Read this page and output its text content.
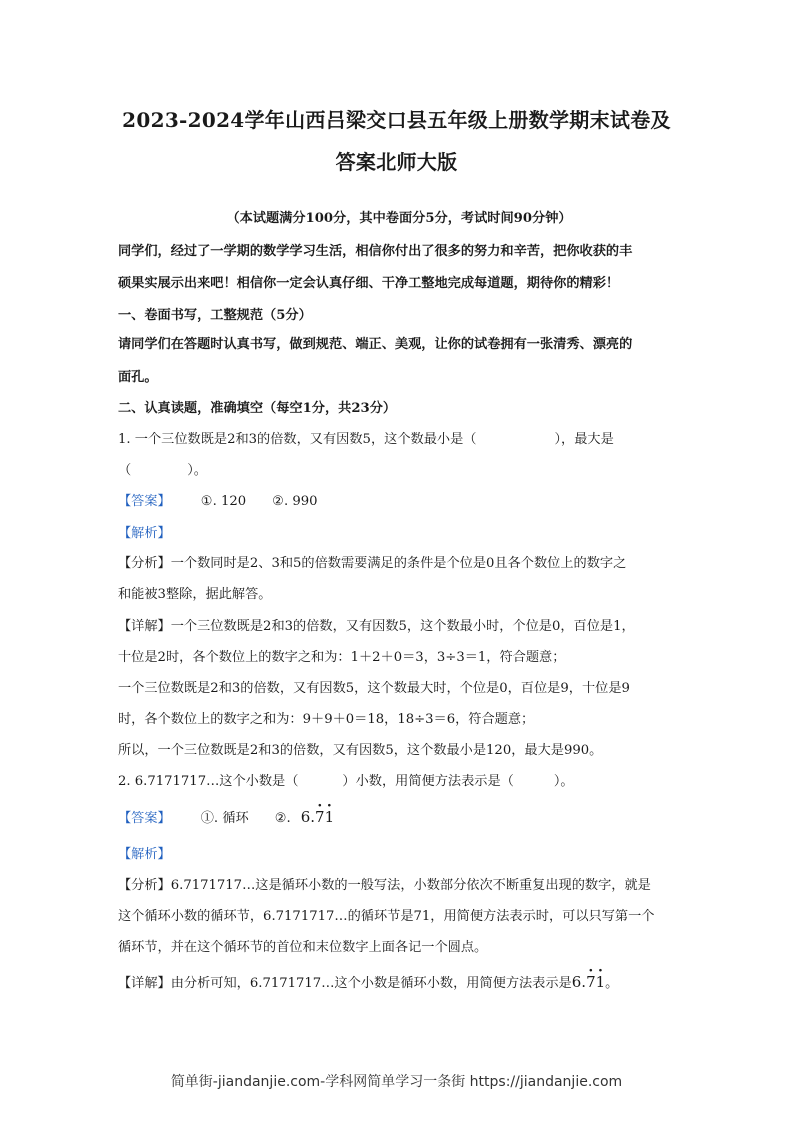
2023-2024学年山西吕梁交口县五年级上册数学期末试卷及
答案北师大版
（本试题满分100分，其中卷面分5分，考试时间90分钟）
同学们，经过了一学期的数学学习生活，相信你付出了很多的努力和辛苦，把你收获的丰
硕果实展示出来吧！相信你一定会认真仔细、干净工整地完成每道题，期待你的精彩！
一、卷面书写，工整规范（5分）
请同学们在答题时认真书写，做到规范、端正、美观，让你的试卷拥有一张清秀、漂亮的
面孔。
二、认真读题，准确填空（每空1分，共23分）
1. 一个三位数既是2和3的倍数，又有因数5，这个数最小是（	），最大是
（	）。
【答案】 ①. 120 ②. 990
【解析】
【分析】一个数同时是2、3和5的倍数需要满足的条件是个位是0且各个数位上的数字之
和能被3整除，据此解答。
【详解】一个三位数既是2和3的倍数，又有因数5，这个数最小时，个位是0，百位是1，
十位是2时，各个数位上的数字之和为：1＋2＋0＝3，3÷3＝1，符合题意；
一个三位数既是2和3的倍数，又有因数5，这个数最大时，个位是0，百位是9，十位是9
时，各个数位上的数字之和为：9＋9＋0＝18，18÷3＝6，符合题意；
所以，一个三位数既是2和3的倍数，又有因数5，这个数最小是120，最大是990。
2. 6.7171717…这个小数是（	）小数，用简便方法表示是（	）。
【答案】 ①. 循环 ②. 6.· 7· 1
【解析】
【分析】6.7171717…这是循环小数的一般写法，小数部分依次不断重复出现的数字，就是
这个循环小数的循环节，6.7171717…的循环节是71，用简便方法表示时，可以只写第一个
循环节，并在这个循环节的首位和末位数字上面各记一个圆点。
【详解】由分析可知，6.7171717…这个小数是循环小数，用简便方法表示是6.· 7· 1。
简单街-jiandanjie.com-学科网简单学习一条街 https://jiandanjie.com
